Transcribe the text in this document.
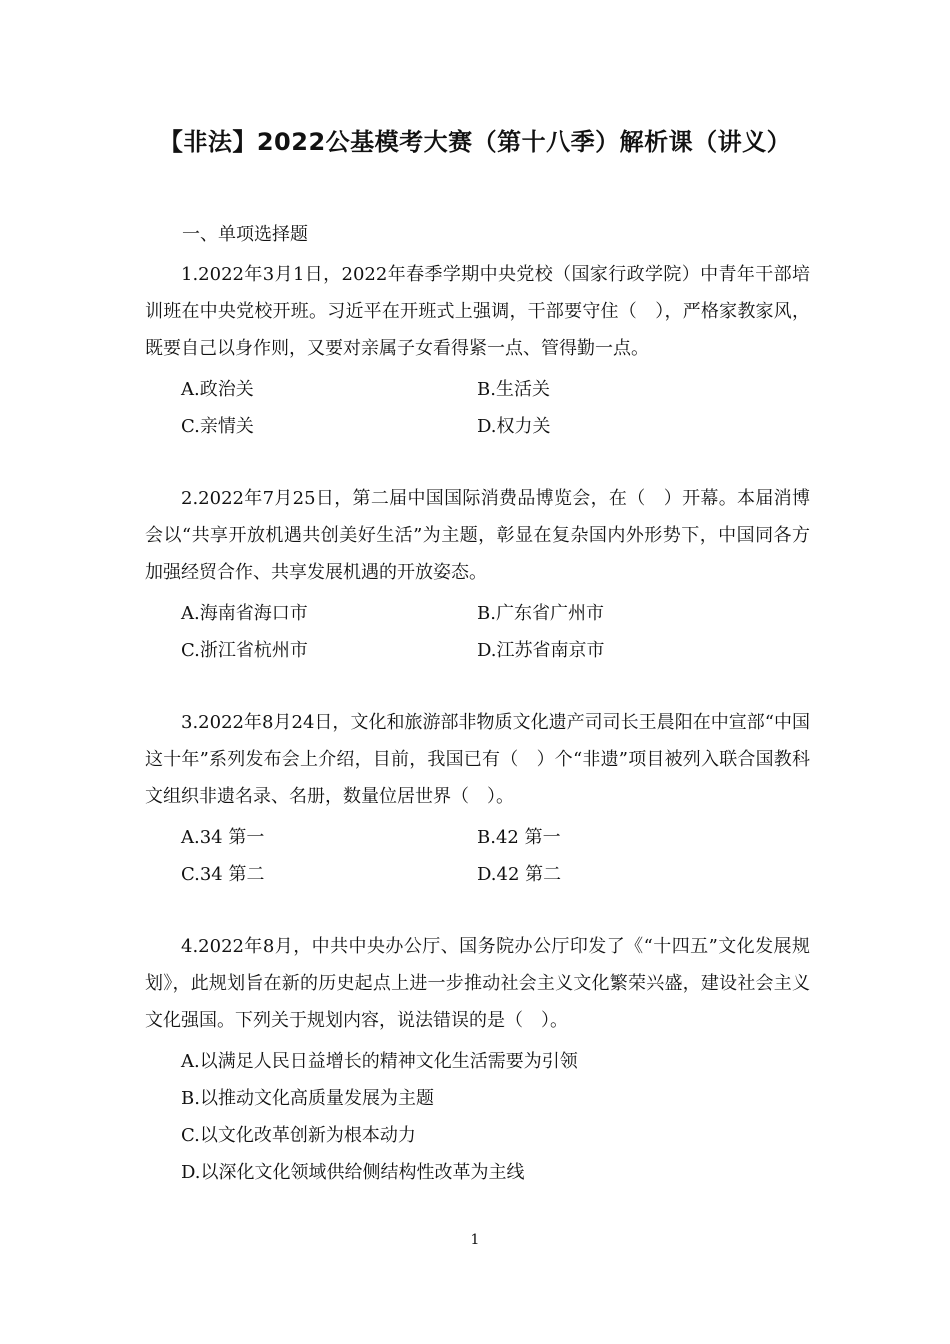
【非法】2022公基模考大赛（第十八季）解析课（讲义）
一、单项选择题

1.2022年3月1日，2022年春季学期中央党校（国家行政学院）中青年干部培训班在中央党校开班。习近平在开班式上强调，干部要守住（　），严格家教家风，既要自己以身作则，又要对亲属子女看得紧一点、管得勤一点。

A.政治关	B.生活关
C.亲情关	D.权力关

2.2022年7月25日，第二届中国国际消费品博览会，在（　）开幕。本届消博会以“共享开放机遇共创美好生活”为主题，彰显在复杂国内外形势下，中国同各方加强经贸合作、共享发展机遇的开放姿态。

A.海南省海口市	B.广东省广州市
C.浙江省杭州市	D.江苏省南京市

3.2022年8月24日，文化和旅游部非物质文化遗产司司长王晨阳在中宣部“中国这十年”系列发布会上介绍，目前，我国已有（　）个“非遗”项目被列入联合国教科文组织非遗名录、名册，数量位居世界（　）。

A.34 第一	B.42 第一
C.34 第二	D.42 第二

4.2022年8月，中共中央办公厅、国务院办公厅印发了《“十四五”文化发展规划》，此规划旨在新的历史起点上进一步推动社会主义文化繁荣兴盛，建设社会主义文化强国。下列关于规划内容，说法错误的是（　）。

A.以满足人民日益增长的精神文化生活需要为引领
B.以推动文化高质量发展为主题
C.以文化改革创新为根本动力
D.以深化文化领域供给侧结构性改革为主线
1
